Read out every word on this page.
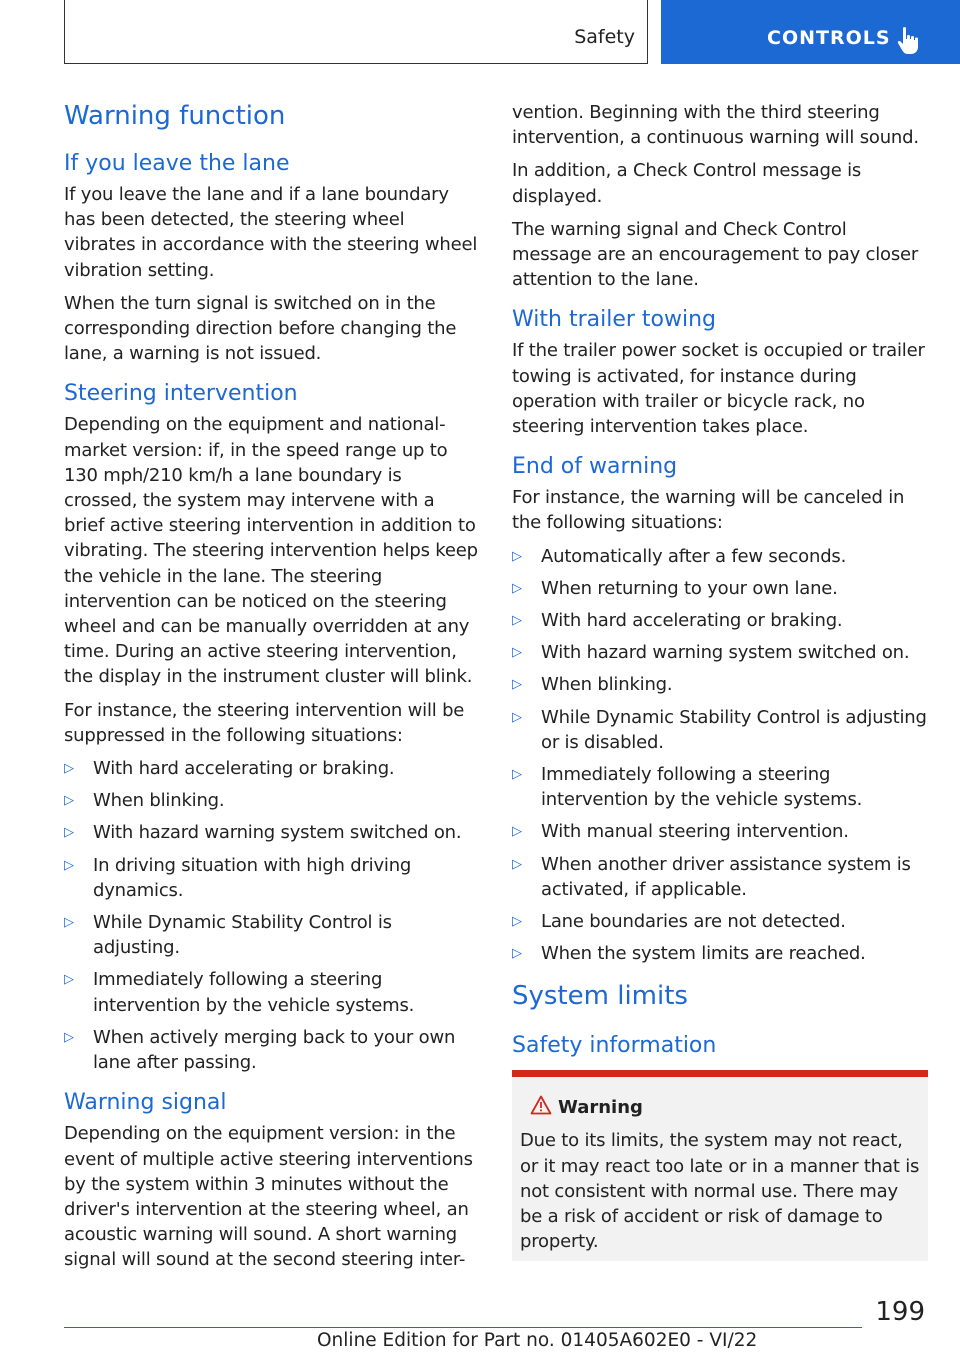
Safety	CONTROLS
Warning function
If you leave the lane

If you leave the lane and if a lane boundary has been detected, the steering wheel vibrates in accordance with the steering wheel vibration setting.

When the turn signal is switched on in the corresponding direction before changing the lane, a warning is not issued.

Steering intervention

Depending on the equipment and national-market version: if, in the speed range up to 130 mph/210 km/h a lane boundary is crossed, the system may intervene with a brief active steering intervention in addition to vibrating. The steering intervention helps keep the vehicle in the lane. The steering intervention can be noticed on the steering wheel and can be manually overridden at any time. During an active steering intervention, the display in the instrument cluster will blink.

For instance, the steering intervention will be suppressed in the following situations:

▷ With hard accelerating or braking.
▷ When blinking.
▷ With hazard warning system switched on.
▷ In driving situation with high driving dynamics.
▷ While Dynamic Stability Control is adjusting.
▷ Immediately following a steering intervention by the vehicle systems.
▷ When actively merging back to your own lane after passing.
Warning signal

Depending on the equipment version: in the event of multiple active steering interventions by the system within 3 minutes without the driver's intervention at the steering wheel, an acoustic warning will sound. A short warning signal will sound at the second steering inter-

vention. Beginning with the third steering intervention, a continuous warning will sound.

In addition, a Check Control message is displayed.

The warning signal and Check Control message are an encouragement to pay closer attention to the lane.

With trailer towing

If the trailer power socket is occupied or trailer towing is activated, for instance during operation with trailer or bicycle rack, no steering intervention takes place.

End of warning

For instance, the warning will be canceled in the following situations:

▷ Automatically after a few seconds.
▷ When returning to your own lane.
▷ With hard accelerating or braking.
▷ With hazard warning system switched on.
▷ When blinking.
▷ While Dynamic Stability Control is adjusting or is disabled.
▷ Immediately following a steering intervention by the vehicle systems.
▷ With manual steering intervention.
▷ When another driver assistance system is activated, if applicable.
▷ Lane boundaries are not detected.
▷ When the system limits are reached.
System limits
Safety information
Warning

Due to its limits, the system may not react, or it may react too late or in a manner that is not consistent with normal use. There may be a risk of accident or risk of damage to property.

199
Online Edition for Part no. 01405A602E0 - VI/22
